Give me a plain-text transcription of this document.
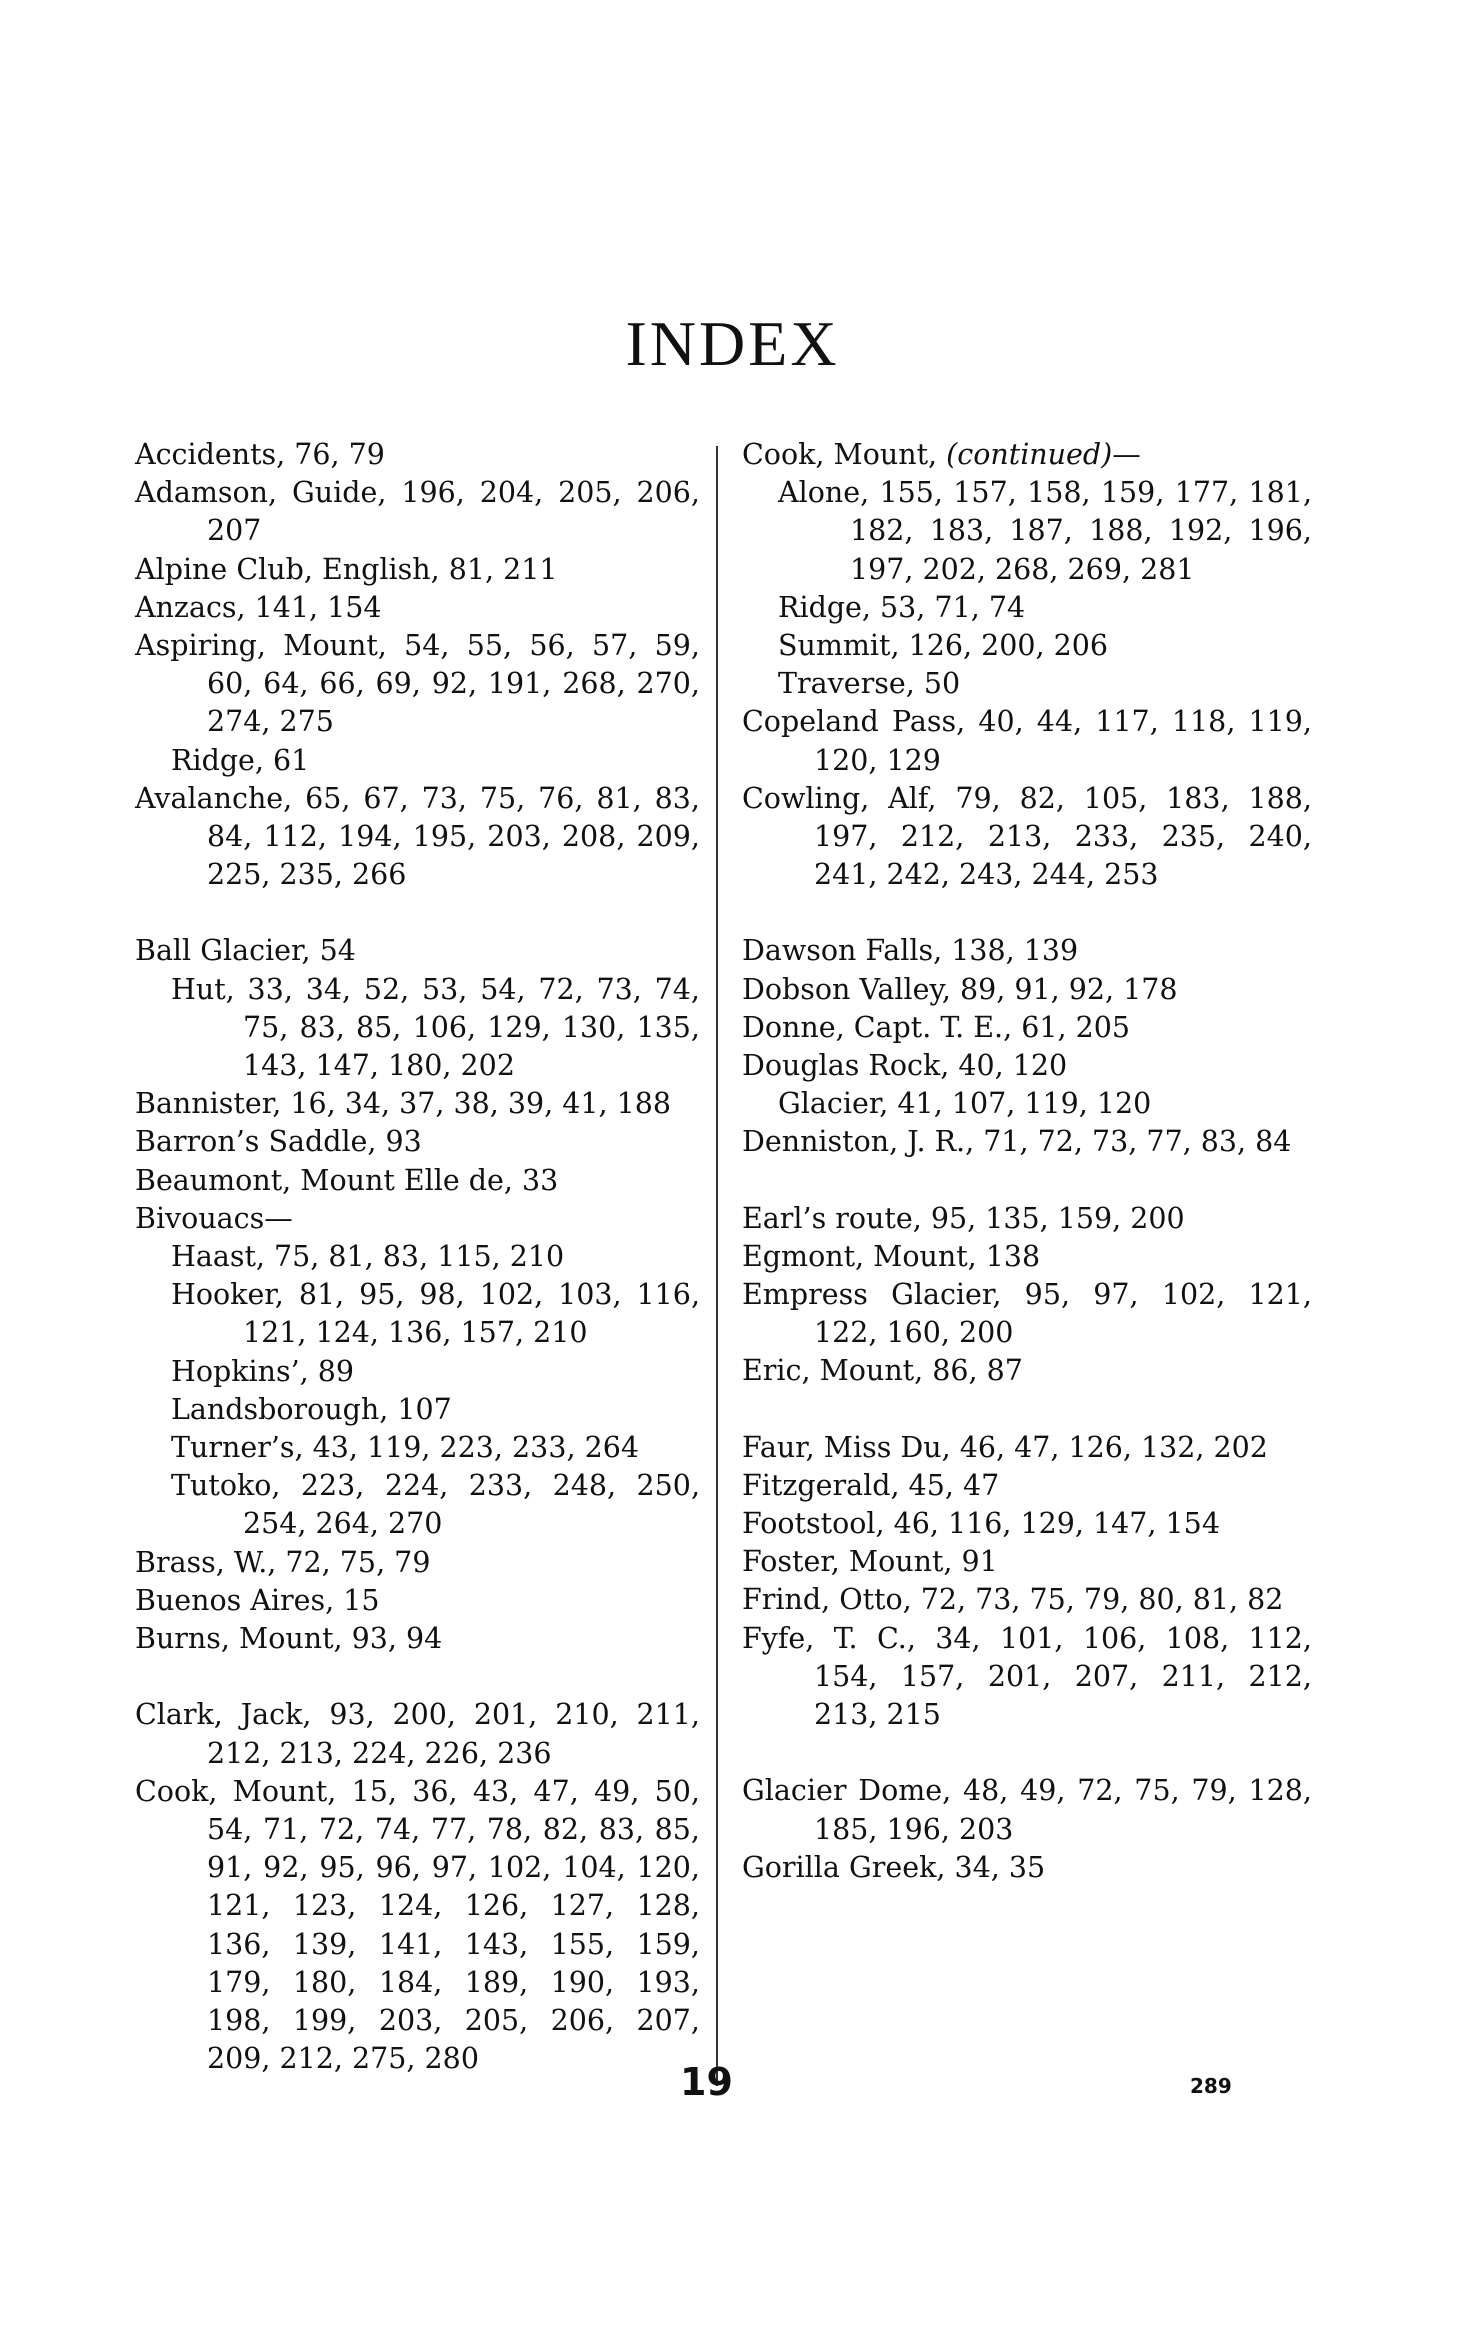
INDEX
Accidents, 76, 79
Adamson, Guide, 196, 204, 205, 206, 207
Alpine Club, English, 81, 211
Anzacs, 141, 154
Aspiring, Mount, 54, 55, 56, 57, 59, 60, 64, 66, 69, 92, 191, 268, 270, 274, 275
Ridge, 61
Avalanche, 65, 67, 73, 75, 76, 81, 83, 84, 112, 194, 195, 203, 208, 209, 225, 235, 266
Ball Glacier, 54
Hut, 33, 34, 52, 53, 54, 72, 73, 74, 75, 83, 85, 106, 129, 130, 135, 143, 147, 180, 202
Bannister, 16, 34, 37, 38, 39, 41, 188
Barron’s Saddle, 93
Beaumont, Mount Elle de, 33
Bivouacs—
Haast, 75, 81, 83, 115, 210
Hooker, 81, 95, 98, 102, 103, 116, 121, 124, 136, 157, 210
Hopkins’, 89
Landsborough, 107
Turner’s, 43, 119, 223, 233, 264
Tutoko, 223, 224, 233, 248, 250, 254, 264, 270
Brass, W., 72, 75, 79
Buenos Aires, 15
Burns, Mount, 93, 94
Clark, Jack, 93, 200, 201, 210, 211, 212, 213, 224, 226, 236
Cook, Mount, 15, 36, 43, 47, 49, 50, 54, 71, 72, 74, 77, 78, 82, 83, 85, 91, 92, 95, 96, 97, 102, 104, 120, 121, 123, 124, 126, 127, 128, 136, 139, 141, 143, 155, 159, 179, 180, 184, 189, 190, 193, 198, 199, 203, 205, 206, 207, 209, 212, 275, 280
Cook, Mount, (continued)—
Alone, 155, 157, 158, 159, 177, 181, 182, 183, 187, 188, 192, 196, 197, 202, 268, 269, 281
Ridge, 53, 71, 74
Summit, 126, 200, 206
Traverse, 50
Copeland Pass, 40, 44, 117, 118, 119, 120, 129
Cowling, Alf, 79, 82, 105, 183, 188, 197, 212, 213, 233, 235, 240, 241, 242, 243, 244, 253
Dawson Falls, 138, 139
Dobson Valley, 89, 91, 92, 178
Donne, Capt. T. E., 61, 205
Douglas Rock, 40, 120
Glacier, 41, 107, 119, 120
Denniston, J. R., 71, 72, 73, 77, 83, 84
Earl’s route, 95, 135, 159, 200
Egmont, Mount, 138
Empress Glacier, 95, 97, 102, 121, 122, 160, 200
Eric, Mount, 86, 87
Faur, Miss Du, 46, 47, 126, 132, 202
Fitzgerald, 45, 47
Footstool, 46, 116, 129, 147, 154
Foster, Mount, 91
Frind, Otto, 72, 73, 75, 79, 80, 81, 82
Fyfe, T. C., 34, 101, 106, 108, 112, 154, 157, 201, 207, 211, 212, 213, 215
Glacier Dome, 48, 49, 72, 75, 79, 128, 185, 196, 203
Gorilla Greek, 34, 35
19	289
